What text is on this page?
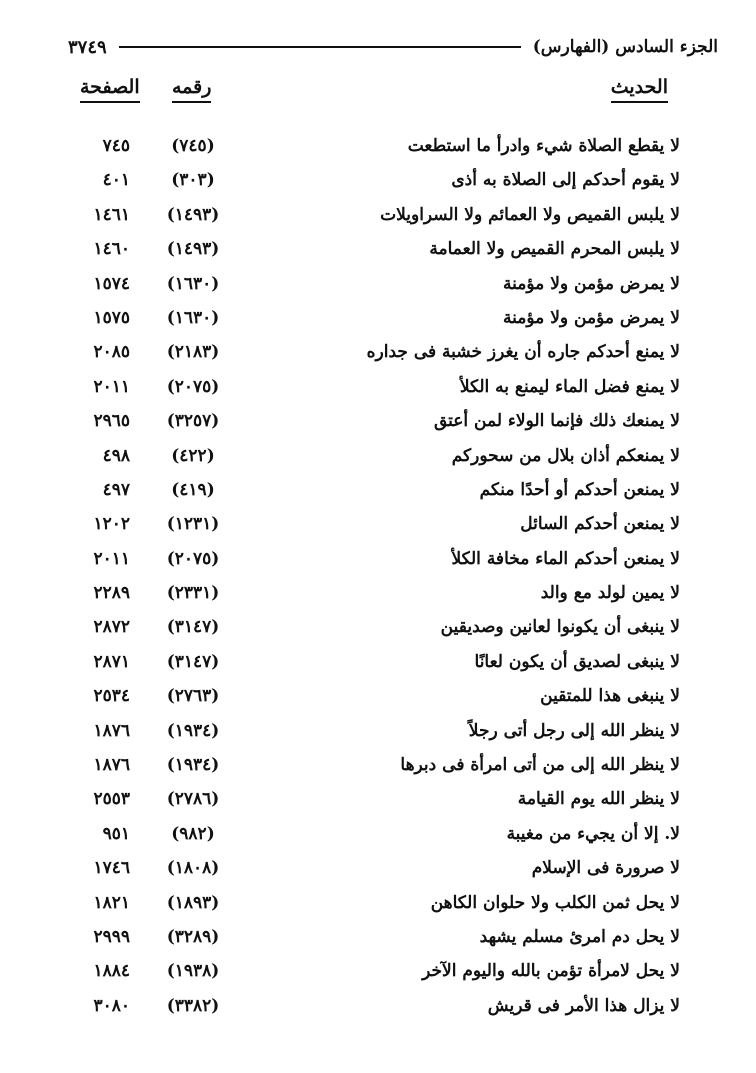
الجزء السادس (الفهارس)
٣٧٤٩
الحديث
رقمه
الصفحة
لا يقطع الصلاة شيء وادرأ ما استطعت
(٧٤٥)
٧٤٥
لا يقوم أحدكم إلى الصلاة به أذى
(٣٠٣)
٤٠١
لا يلبس القميص ولا العمائم ولا السراويلات
(١٤٩٣)
١٤٦١
لا يلبس المحرم القميص ولا العمامة
(١٤٩٣)
١٤٦٠
لا يمرض مؤمن ولا مؤمنة
(١٦٣٠)
١٥٧٤
لا يمرض مؤمن ولا مؤمنة
(١٦٣٠)
١٥٧٥
لا يمنع أحدكم جاره أن يغرز خشبة فى جداره
(٢١٨٣)
٢٠٨٥
لا يمنع فضل الماء ليمنع به الكلأ
(٢٠٧٥)
٢٠١١
لا يمنعك ذلك فإنما الولاء لمن أعتق
(٣٢٥٧)
٢٩٦٥
لا يمنعكم أذان بلال من سحوركم
(٤٢٢)
٤٩٨
لا يمنعن أحدكم أو أحدًا منكم
(٤١٩)
٤٩٧
لا يمنعن أحدكم السائل
(١٢٣١)
١٢٠٢
لا يمنعن أحدكم الماء مخافة الكلأ
(٢٠٧٥)
٢٠١١
لا يمين لولد مع والد
(٢٣٣١)
٢٢٨٩
لا ينبغى أن يكونوا لعانين وصديقين
(٣١٤٧)
٢٨٧٢
لا ينبغى لصديق أن يكون لعانًا
(٣١٤٧)
٢٨٧١
لا ينبغى هذا للمتقين
(٢٧٦٣)
٢٥٣٤
لا ينظر الله إلى رجل أتى رجلاً
(١٩٣٤)
١٨٧٦
لا ينظر الله إلى من أتى امرأة فى دبرها
(١٩٣٤)
١٨٧٦
لا ينظر الله يوم القيامة
(٢٧٨٦)
٢٥٥٣
لا. إلا أن يجيء من مغيبة
(٩٨٢)
٩٥١
لا صرورة فى الإسلام
(١٨٠٨)
١٧٤٦
لا يحل ثمن الكلب ولا حلوان الكاهن
(١٨٩٣)
١٨٢١
لا يحل دم امرئ مسلم يشهد
(٣٢٨٩)
٢٩٩٩
لا يحل لامرأة تؤمن بالله واليوم الآخر
(١٩٣٨)
١٨٨٤
لا يزال هذا الأمر فى قريش
(٣٣٨٢)
٣٠٨٠
